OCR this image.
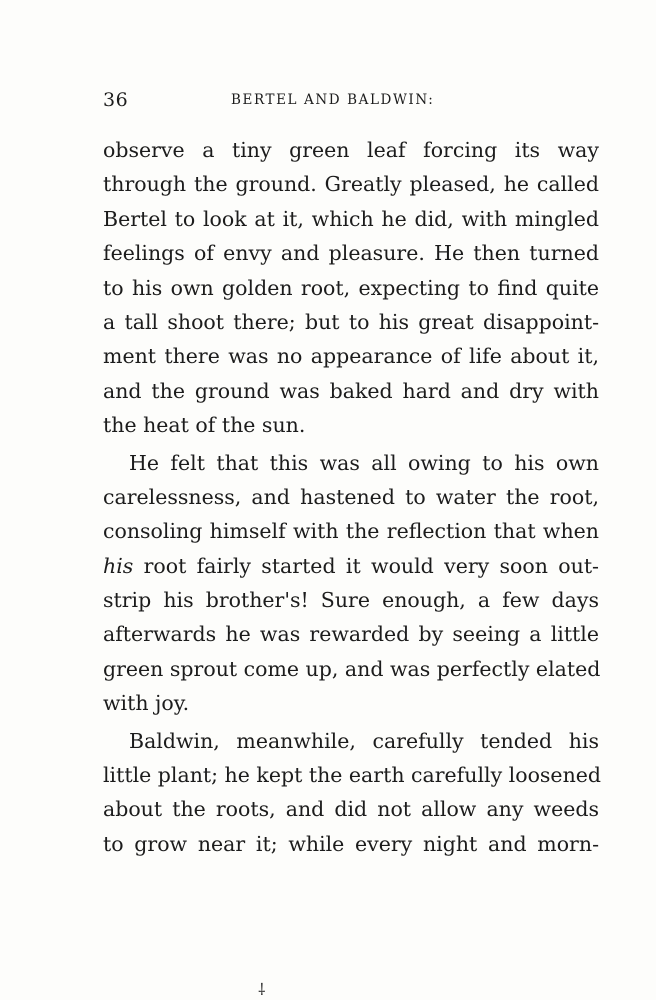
36	BERTEL AND BALDWIN:
observe a tiny green leaf forcing its way
through the ground. Greatly pleased, he called
Bertel to look at it, which he did, with mingled
feelings of envy and pleasure. He then turned
to his own golden root, expecting to find quite
a tall shoot there; but to his great disappoint-
ment there was no appearance of life about it,
and the ground was baked hard and dry with
the heat of the sun.
He felt that this was all owing to his own
carelessness, and hastened to water the root,
consoling himself with the reflection that when
his root fairly started it would very soon out-
strip his brother's! Sure enough, a few days
afterwards he was rewarded by seeing a little
green sprout come up, and was perfectly elated
with joy.
Baldwin, meanwhile, carefully tended his
little plant; he kept the earth carefully loosened
about the roots, and did not allow any weeds
to grow near it; while every night and morn-
⸸
